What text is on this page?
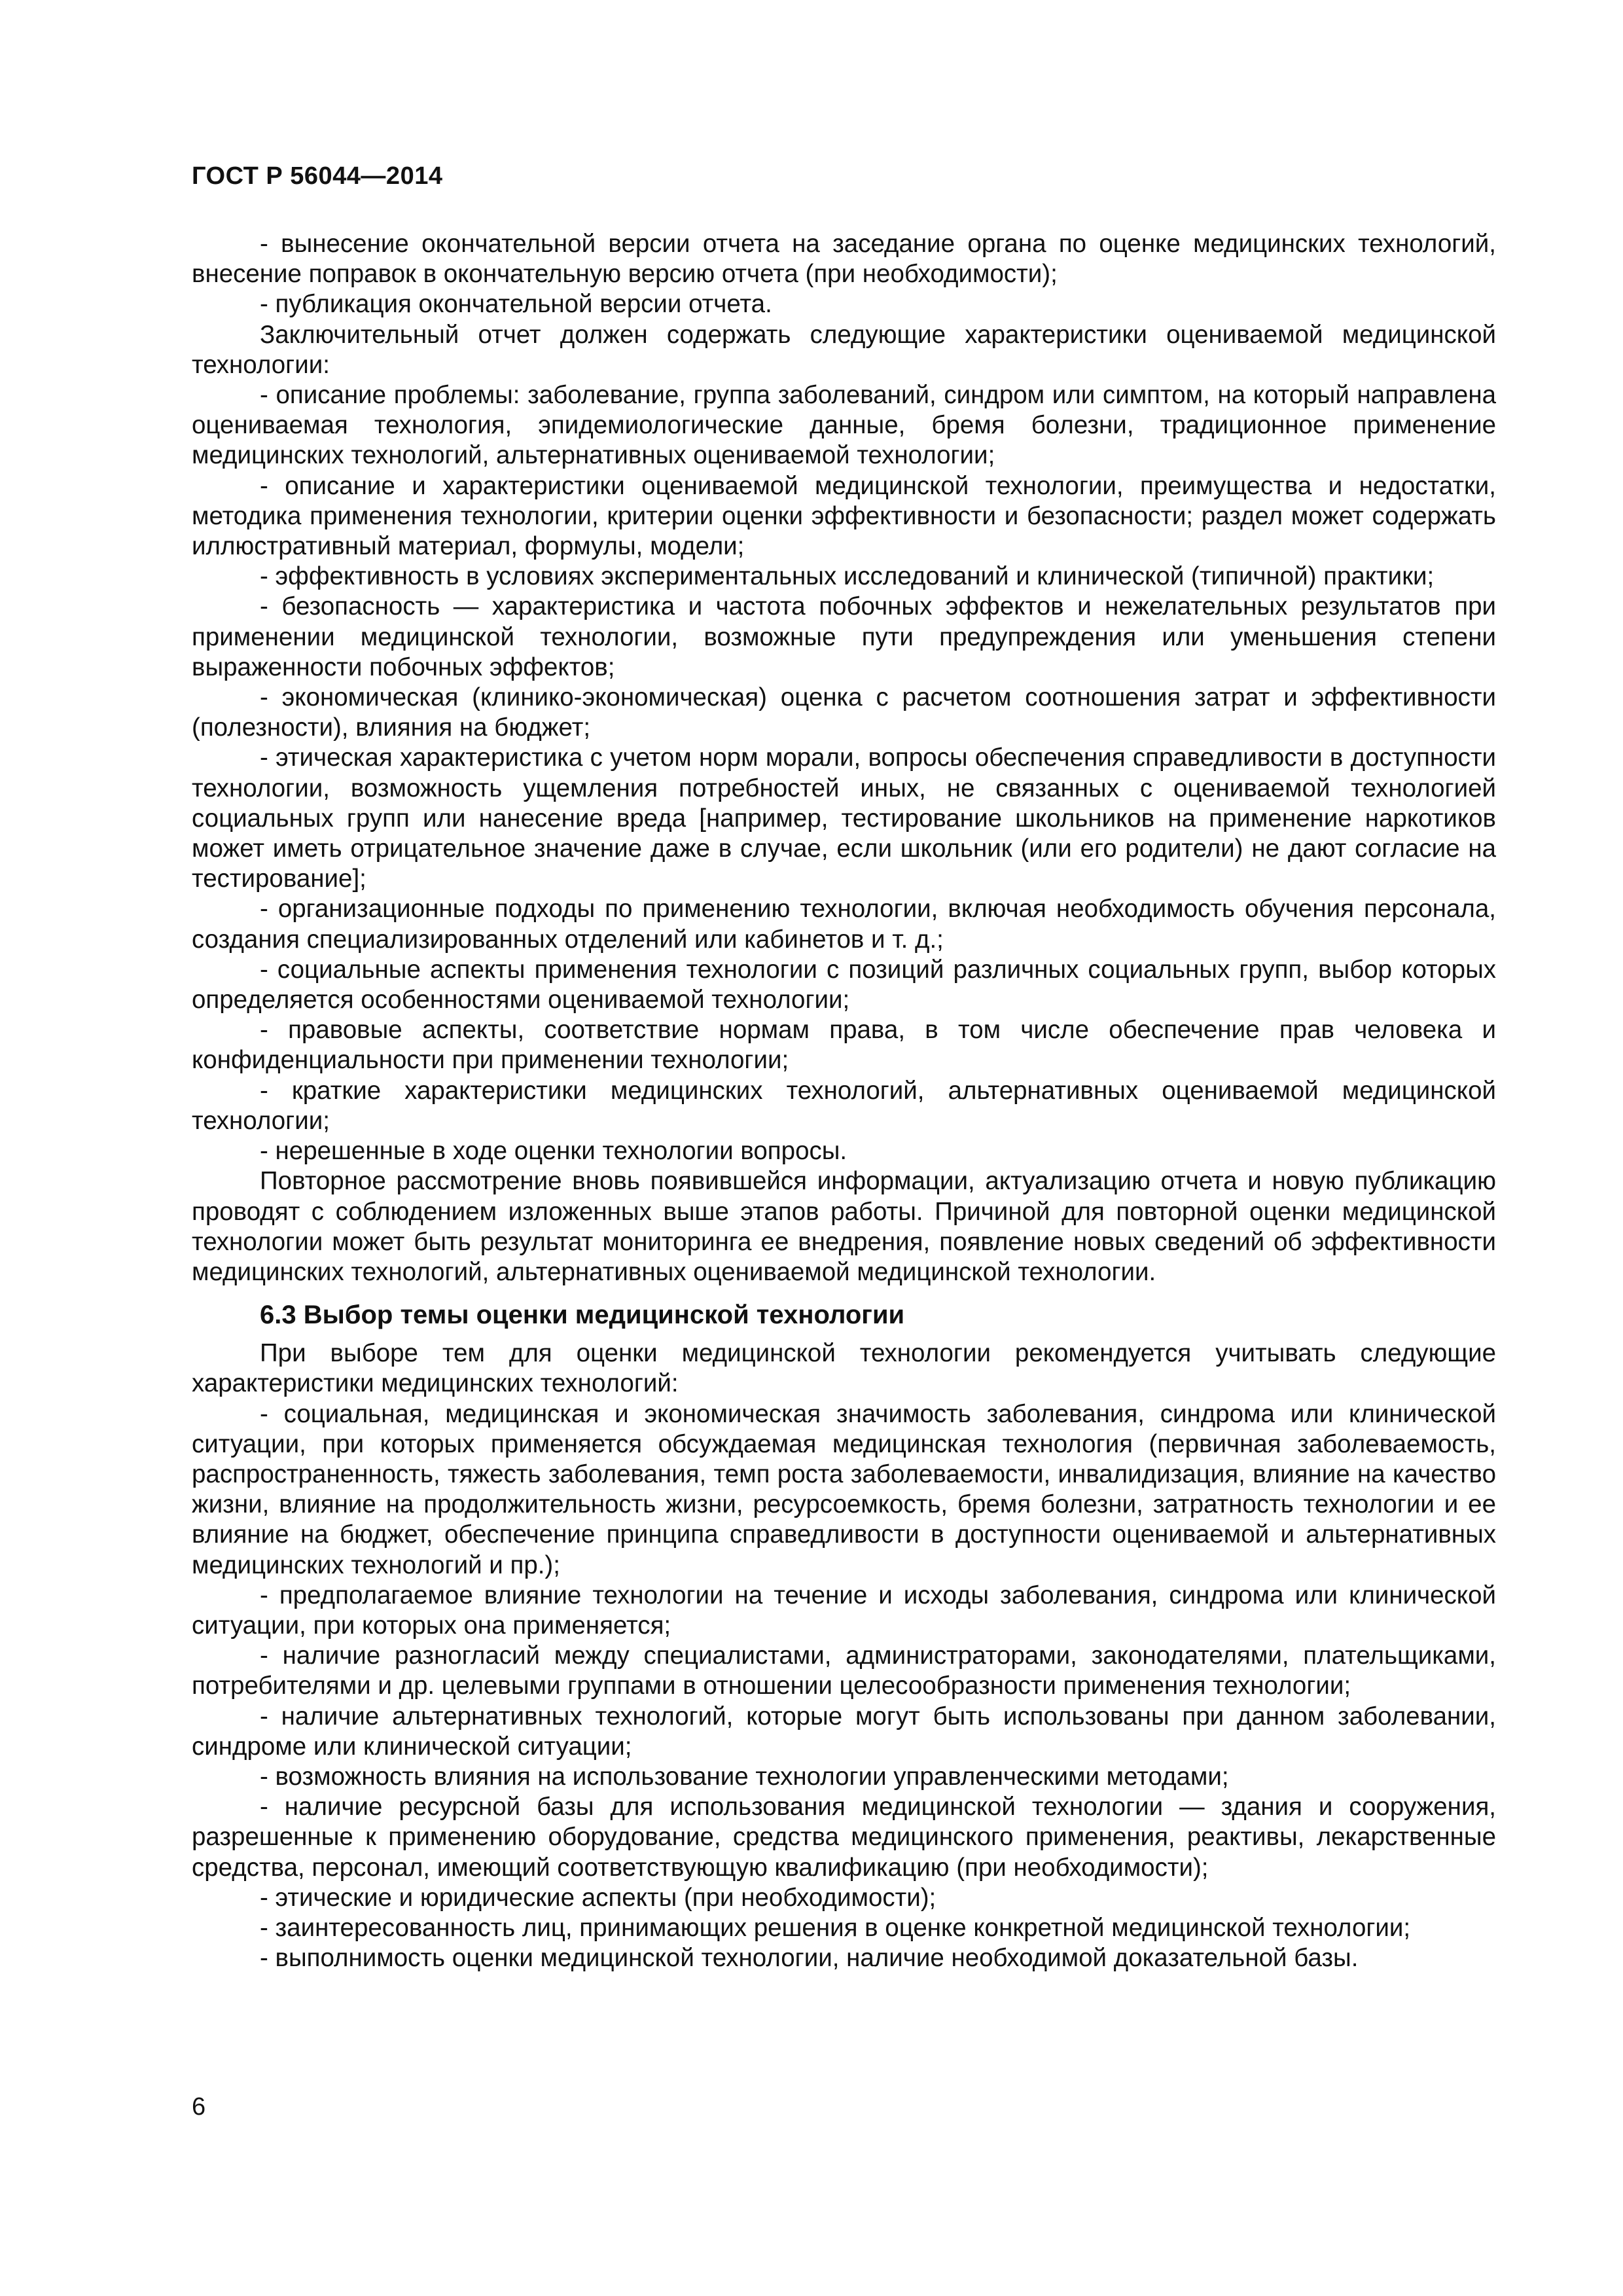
ГОСТ Р 56044—2014

- вынесение окончательной версии отчета на заседание органа по оценке медицинских технологий, внесение поправок в окончательную версию отчета (при необходимости);

- публикация окончательной версии отчета.

Заключительный отчет должен содержать следующие характеристики оцениваемой медицинской технологии:

- описание проблемы: заболевание, группа заболеваний, синдром или симптом, на который направлена оцениваемая технология, эпидемиологические данные, бремя болезни, традиционное применение медицинских технологий, альтернативных оцениваемой технологии;

- описание и характеристики оцениваемой медицинской технологии, преимущества и недостатки, методика применения технологии, критерии оценки эффективности и безопасности; раздел может содержать иллюстративный материал, формулы, модели;

- эффективность в условиях экспериментальных исследований и клинической (типичной) практики;

- безопасность — характеристика и частота побочных эффектов и нежелательных результатов при применении медицинской технологии, возможные пути предупреждения или уменьшения степени выраженности побочных эффектов;

- экономическая (клинико-экономическая) оценка с расчетом соотношения затрат и эффективности (полезности), влияния на бюджет;

- этическая характеристика с учетом норм морали, вопросы обеспечения справедливости в доступности технологии, возможность ущемления потребностей иных, не связанных с оцениваемой технологией социальных групп или нанесение вреда [например, тестирование школьников на применение наркотиков может иметь отрицательное значение даже в случае, если школьник (или его родители) не дают согласие на тестирование];

- организационные подходы по применению технологии, включая необходимость обучения персонала, создания специализированных отделений или кабинетов и т. д.;

- социальные аспекты применения технологии с позиций различных социальных групп, выбор которых определяется особенностями оцениваемой технологии;

- правовые аспекты, соответствие нормам права, в том числе обеспечение прав человека и конфиденциальности при применении технологии;

- краткие характеристики медицинских технологий, альтернативных оцениваемой медицинской технологии;

- нерешенные в ходе оценки технологии вопросы.

Повторное рассмотрение вновь появившейся информации, актуализацию отчета и новую публикацию проводят с соблюдением изложенных выше этапов работы. Причиной для повторной оценки медицинской технологии может быть результат мониторинга ее внедрения, появление новых сведений об эффективности медицинских технологий, альтернативных оцениваемой медицинской технологии.

6.3 Выбор темы оценки медицинской технологии

При выборе тем для оценки медицинской технологии рекомендуется учитывать следующие характеристики медицинских технологий:

- социальная, медицинская и экономическая значимость заболевания, синдрома или клинической ситуации, при которых применяется обсуждаемая медицинская технология (первичная заболеваемость, распространенность, тяжесть заболевания, темп роста заболеваемости, инвалидизация, влияние на качество жизни, влияние на продолжительность жизни, ресурсоемкость, бремя болезни, затратность технологии и ее влияние на бюджет, обеспечение принципа справедливости в доступности оцениваемой и альтернативных медицинских технологий и пр.);

- предполагаемое влияние технологии на течение и исходы заболевания, синдрома или клинической ситуации, при которых она применяется;

- наличие разногласий между специалистами, администраторами, законодателями, плательщиками, потребителями и др. целевыми группами в отношении целесообразности применения технологии;

- наличие альтернативных технологий, которые могут быть использованы при данном заболевании, синдроме или клинической ситуации;

- возможность влияния на использование технологии управленческими методами;

- наличие ресурсной базы для использования медицинской технологии — здания и сооружения, разрешенные к применению оборудование, средства медицинского применения, реактивы, лекарственные средства, персонал, имеющий соответствующую квалификацию (при необходимости);

- этические и юридические аспекты (при необходимости);

- заинтересованность лиц, принимающих решения в оценке конкретной медицинской технологии;

- выполнимость оценки медицинской технологии, наличие необходимой доказательной базы.

6
